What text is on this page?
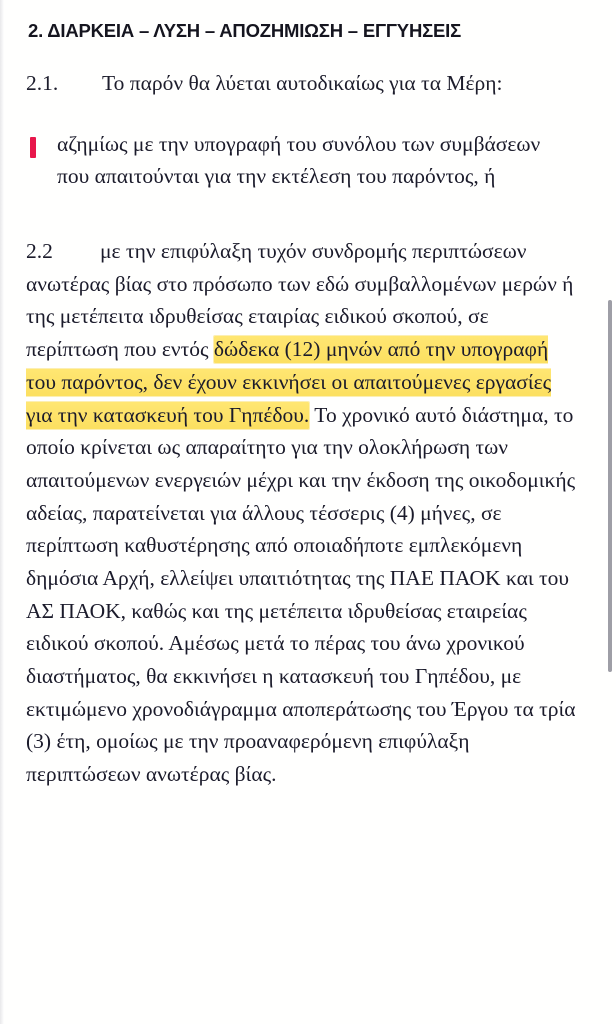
2. ΔΙΑΡΚΕΙΑ – ΛΥΣΗ – ΑΠΟΖΗΜΙΩΣΗ – ΕΓΓΥΗΣΕΙΣ
2.1.	Το παρόν θα λύεται αυτοδικαίως για τα Μέρη:
αζημίως με την υπογραφή του συνόλου των συμβάσεων που απαιτούνται για την εκτέλεση του παρόντος, ή
2.2 με την επιφύλαξη τυχόν συνδρομής περιπτώσεων ανωτέρας βίας στο πρόσωπο των εδώ συμβαλλομένων μερών ή της μετέπειτα ιδρυθείσας εταιρίας ειδικού σκοπού, σε περίπτωση που εντός δώδεκα (12) μηνών από την υπογραφή του παρόντος, δεν έχουν εκκινήσει οι απαιτούμενες εργασίες για την κατασκευή του Γηπέδου. Το χρονικό αυτό διάστημα, το οποίο κρίνεται ως απαραίτητο για την ολοκλήρωση των απαιτούμενων ενεργειών μέχρι και την έκδοση της οικοδομικής αδείας, παρατείνεται για άλλους τέσσερις (4) μήνες, σε περίπτωση καθυστέρησης από οποιαδήποτε εμπλεκόμενη δημόσια Αρχή, ελλείψει υπαιτιότητας της ΠΑΕ ΠΑΟΚ και του ΑΣ ΠΑΟΚ, καθώς και της μετέπειτα ιδρυθείσας εταιρείας ειδικού σκοπού. Αμέσως μετά το πέρας του άνω χρονικού διαστήματος, θα εκκινήσει η κατασκευή του Γηπέδου, με εκτιμώμενο χρονοδιάγραμμα αποπεράτωσης του Έργου τα τρία (3) έτη, ομοίως με την προαναφερόμενη επιφύλαξη περιπτώσεων ανωτέρας βίας.
